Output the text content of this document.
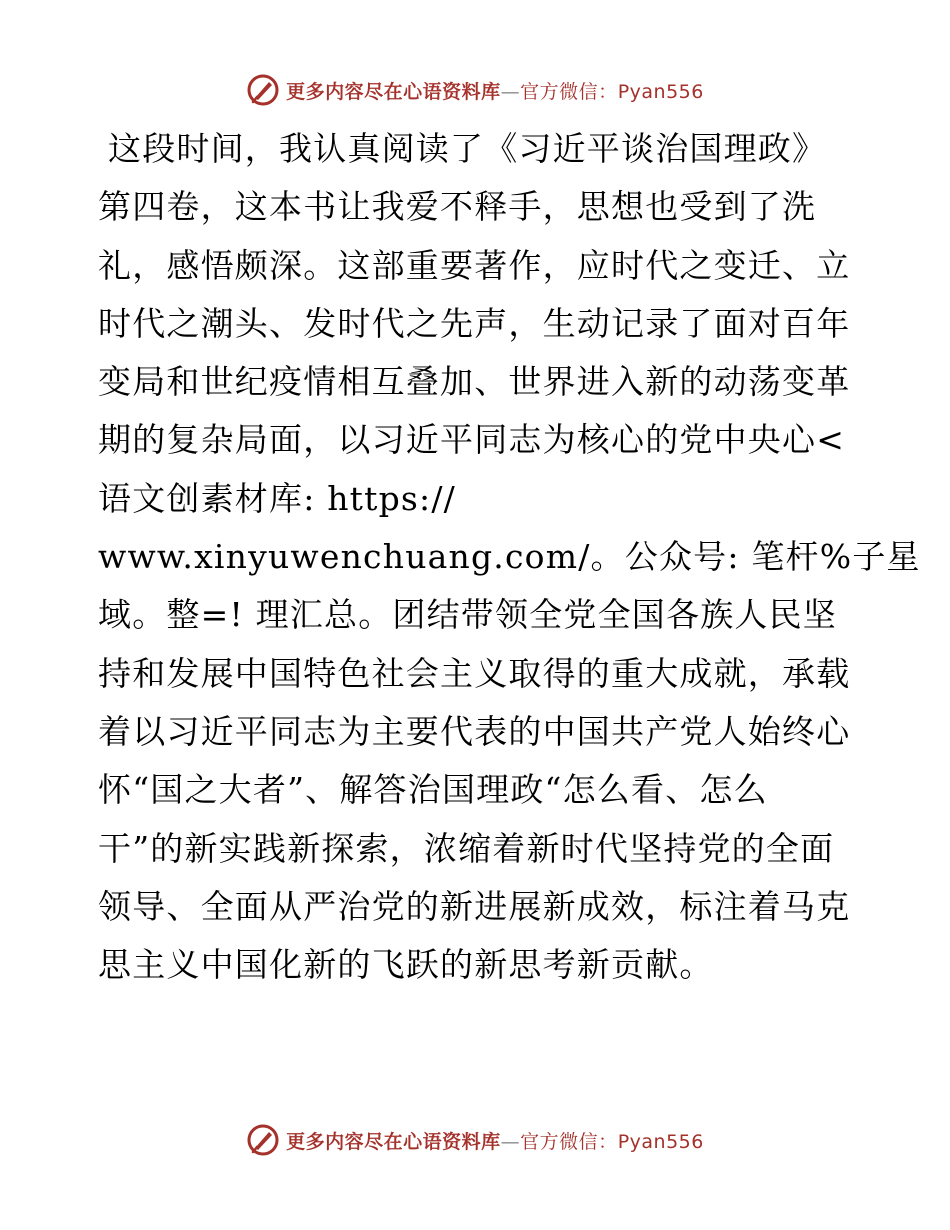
更多内容尽在心语资料库—官方微信：Pyan556
这段时间，我认真阅读了《习近平谈治国理政》
第四卷，这本书让我爱不释手，思想也受到了洗
礼，感悟颇深。这部重要著作，应时代之变迁、立
时代之潮头、发时代之先声，生动记录了面对百年
变局和世纪疫情相互叠加、世界进入新的动荡变革
期的复杂局面，以习近平同志为核心的党中央心<
语文创素材库: https://
www.xinyuwenchuang.com/。公众号: 笔杆%子星
域。整=! 理汇总。团结带领全党全国各族人民坚
持和发展中国特色社会主义取得的重大成就，承载
着以习近平同志为主要代表的中国共产党人始终心
怀“国之大者”、解答治国理政“怎么看、怎么
干”的新实践新探索，浓缩着新时代坚持党的全面
领导、全面从严治党的新进展新成效，标注着马克
思主义中国化新的飞跃的新思考新贡献。
更多内容尽在心语资料库—官方微信：Pyan556
